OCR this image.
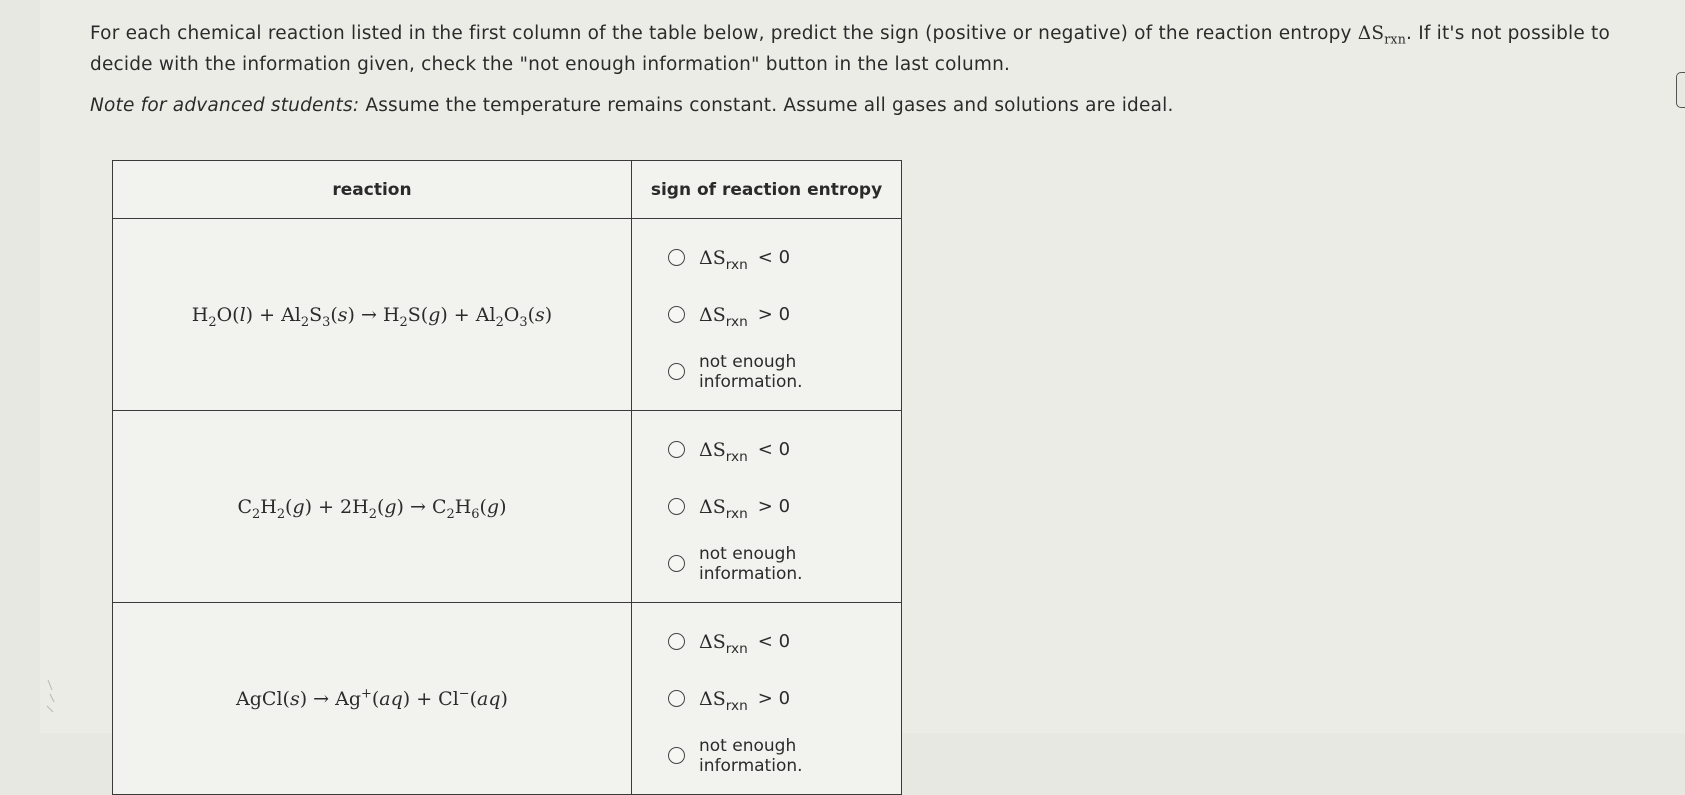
For each chemical reaction listed in the first column of the table below, predict the sign (positive or negative) of the reaction entropy $\Delta S_{rxn}$. If it's not possible to decide with the information given, check the "not enough information" button in the last column.

Note for advanced students: Assume the temperature remains constant. Assume all gases and solutions are ideal.

reaction	sign of reaction entropy
$H_2O(l) + Al_2S_3(s) \to H_2S(g) + Al_2O_3(s)$	$\Delta S_{rxn} < 0$
$\Delta S_{rxn} > 0$
not enough information.

$C_2H_2(g) + 2H_2(g) \to C_2H_6(g)$	$\Delta S_{rxn} < 0$
$\Delta S_{rxn} > 0$
not enough information.

AgCl(s) → Ag+(aq) + Cl−(aq)	$\Delta S_{rxn} < 0$
$\Delta S_{rxn} > 0$
not enough information.
